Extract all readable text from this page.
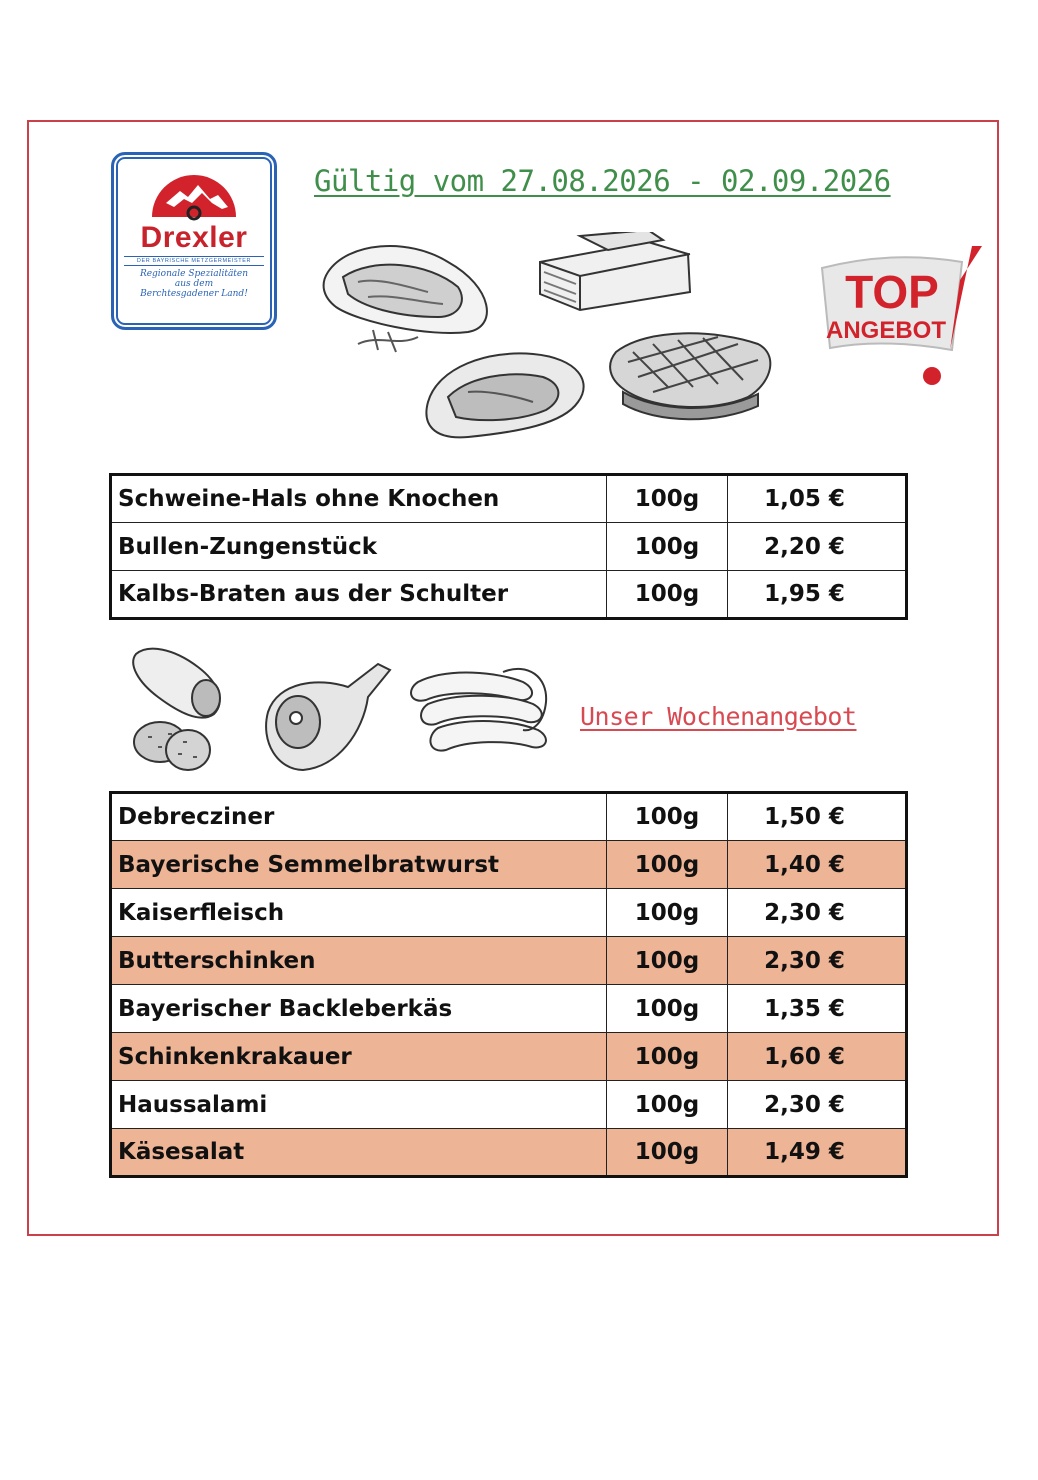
Drexler
DER BAYRISCHE METZGERMEISTER
Regionale Spezialitäten
aus dem
Berchtesgadener Land!
Gültig vom 27.08.2026 - 02.09.2026
TOP
ANGEBOT
Schweine-Hals ohne Knochen	100g	1,05 €
Bullen-Zungenstück	100g	2,20 €
Kalbs-Braten aus der Schulter	100g	1,95 €
Unser Wochenangebot
Debrecziner	100g	1,50 €
Bayerische Semmelbratwurst	100g	1,40 €
Kaiserfleisch	100g	2,30 €
Butterschinken	100g	2,30 €
Bayerischer Backleberkäs	100g	1,35 €
Schinkenkrakauer	100g	1,60 €
Haussalami	100g	2,30 €
Käsesalat	100g	1,49 €
